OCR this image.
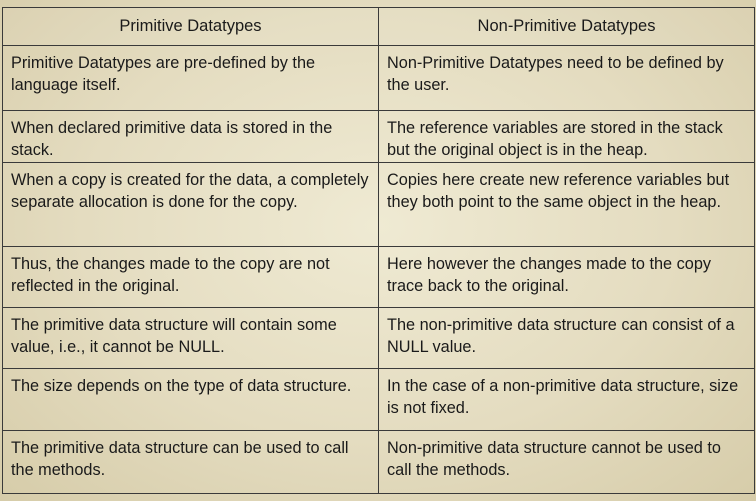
Primitive Datatypes	Non-Primitive Datatypes
Primitive Datatypes are pre-defined by the language itself.	Non-Primitive Datatypes need to be defined by the user.
When declared primitive data is stored in the stack.	The reference variables are stored in the stack but the original object is in the heap.
When a copy is created for the data, a completely separate allocation is done for the copy.	Copies here create new reference variables but they both point to the same object in the heap.
Thus, the changes made to the copy are not reflected in the original.	Here however the changes made to the copy trace back to the original.
The primitive data structure will contain some value, i.e., it cannot be NULL.	The non-primitive data structure can consist of a NULL value.
The size depends on the type of data structure.	In the case of a non-primitive data structure, size is not fixed.
The primitive data structure can be used to call the methods.	Non-primitive data structure cannot be used to call the methods.
